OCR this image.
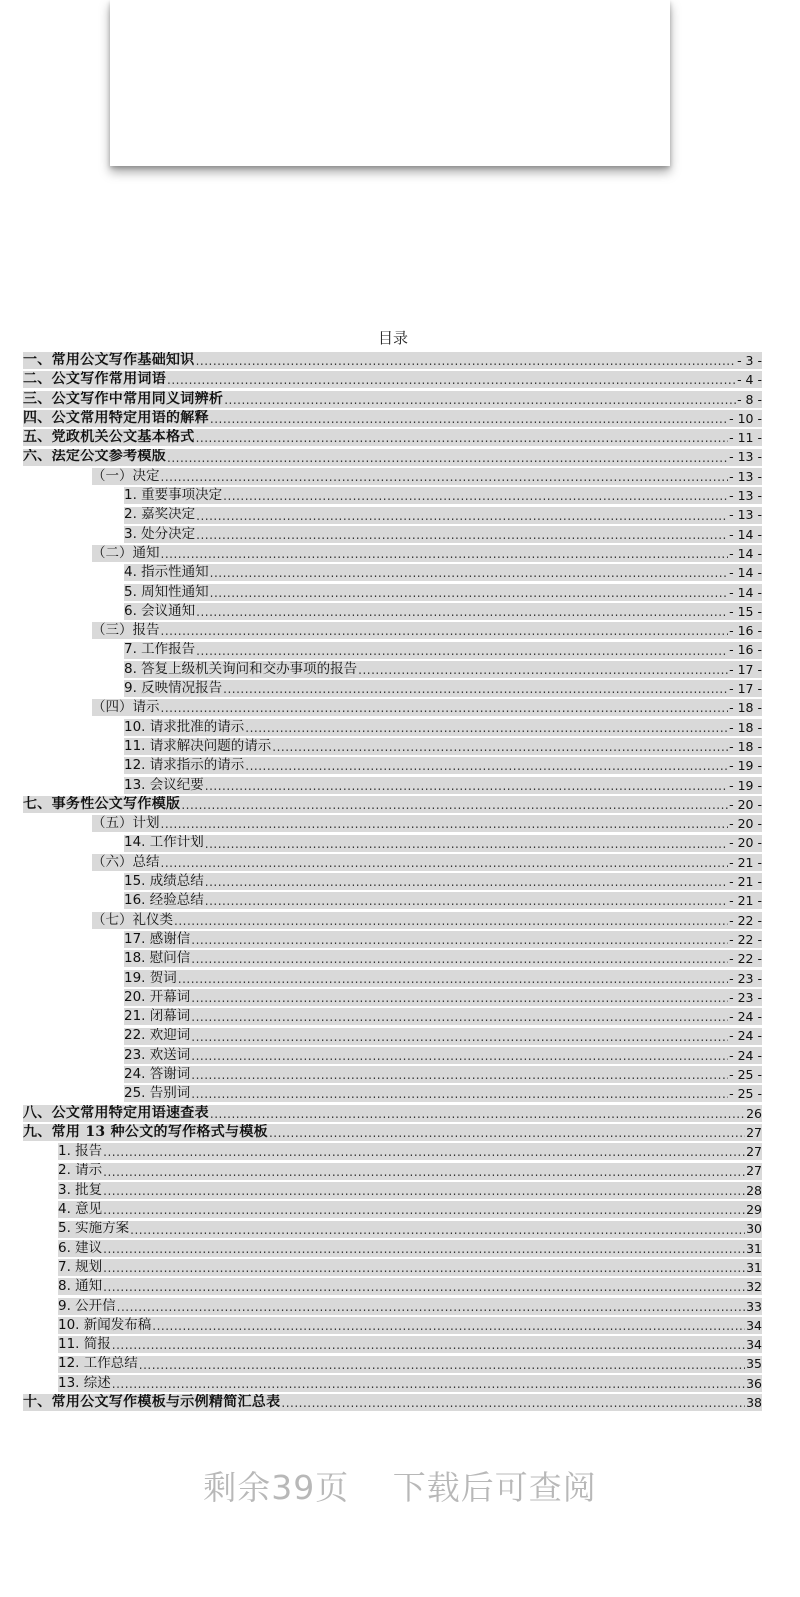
目录
一、常用公文写作基础知识 .....	- 3 -
二、公文写作常用词语 .....	- 4 -
三、公文写作中常用同义词辨析 .....	- 8 -
四、公文常用特定用语的解释 .....	- 10 -
五、党政机关公文基本格式 .....	- 11 -
六、法定公文参考模版 .....	- 13 -
（一）决定 .....	- 13 -
1. 重要事项决定 .....	- 13 -
2. 嘉奖决定 .....	- 13 -
3. 处分决定 .....	- 14 -
（二）通知 .....	- 14 -
4. 指示性通知 .....	- 14 -
5. 周知性通知 .....	- 14 -
6. 会议通知 .....	- 15 -
（三）报告 .....	- 16 -
7. 工作报告 .....	- 16 -
8. 答复上级机关询问和交办事项的报告 .....	- 17 -
9. 反映情况报告 .....	- 17 -
（四）请示 .....	- 18 -
10. 请求批准的请示 .....	- 18 -
11. 请求解决问题的请示 .....	- 18 -
12. 请求指示的请示 .....	- 19 -
13. 会议纪要 .....	- 19 -
七、事务性公文写作模版 .....	- 20 -
（五）计划 .....	- 20 -
14. 工作计划 .....	- 20 -
（六）总结 .....	- 21 -
15. 成绩总结 .....	- 21 -
16. 经验总结 .....	- 21 -
（七）礼仪类 .....	- 22 -
17. 感谢信 .....	- 22 -
18. 慰问信 .....	- 22 -
19. 贺词 .....	- 23 -
20. 开幕词 .....	- 23 -
21. 闭幕词 .....	- 24 -
22. 欢迎词 .....	- 24 -
23. 欢送词 .....	- 24 -
24. 答谢词 .....	- 25 -
25. 告别词 .....	- 25 -
八、公文常用特定用语速查表 .....	26
九、常用 13 种公文的写作格式与模板 .....	27
1. 报告 .....	27
2. 请示 .....	27
3. 批复 .....	28
4. 意见 .....	29
5. 实施方案 .....	30
6. 建议 .....	31
7. 规划 .....	31
8. 通知 .....	32
9. 公开信 .....	33
10. 新闻发布稿 .....	34
11. 简报 .....	34
12. 工作总结 .....	35
13. 综述 .....	36
十、常用公文写作模板与示例精简汇总表 .....	38
剩余39页 下载后可查阅
